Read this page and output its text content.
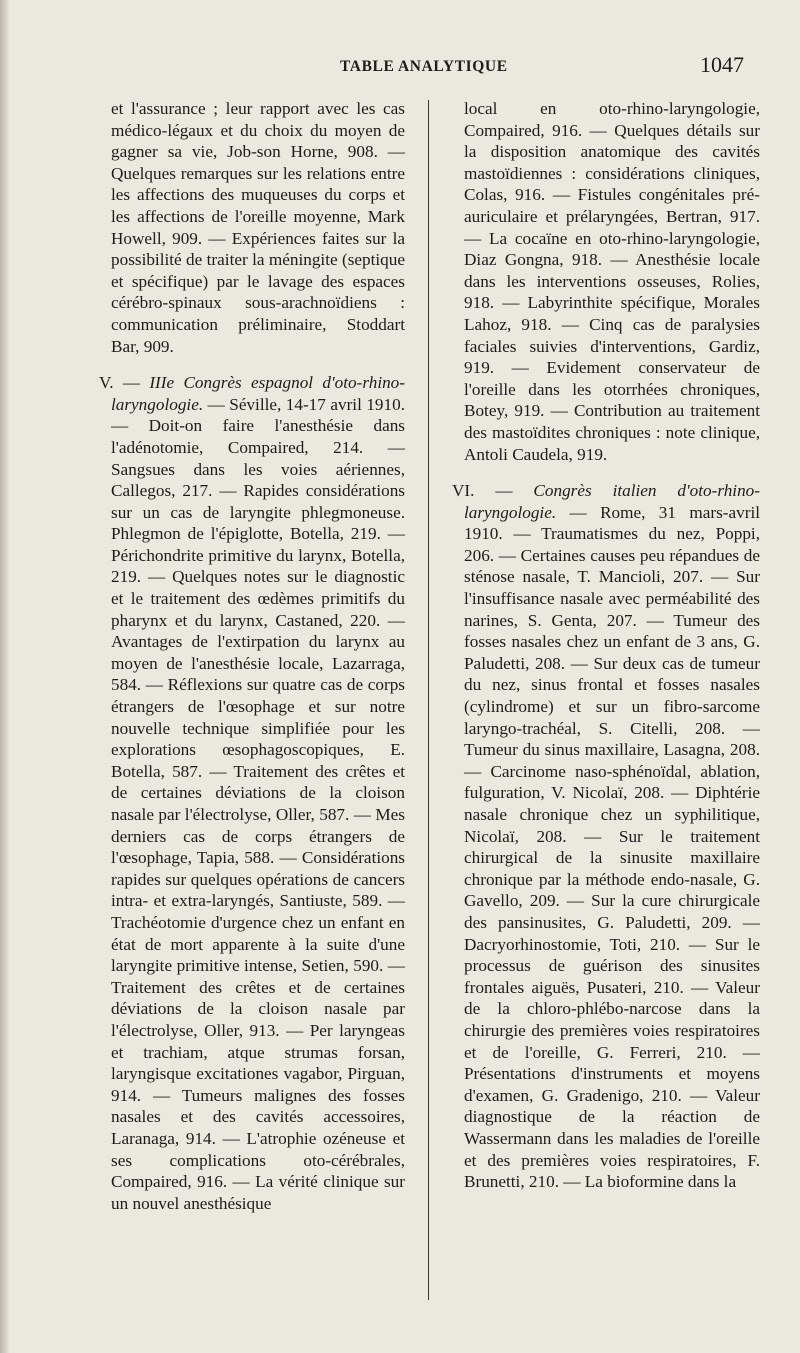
TABLE ANALYTIQUE	1047

et l'assurance ; leur rapport avec les cas médico-légaux et du choix du moyen de gagner sa vie, Job-son Horne, 908. — Quelques remarques sur les relations entre les affections des muqueuses du corps et les affections de l'oreille moyenne, Mark Howell, 909. — Expériences faites sur la possibilité de traiter la méningite (septique et spécifique) par le lavage des espaces cérébro-spinaux sous-arachnoïdiens : communication préliminaire, Stoddart Bar, 909.

V. — IIIe Congrès espagnol d'oto-rhino-laryngologie. — Séville, 14-17 avril 1910. — Doit-on faire l'anesthésie dans l'adénotomie, Compaired, 214. — Sangsues dans les voies aériennes, Callegos, 217. — Rapides considérations sur un cas de laryngite phlegmoneuse. Phlegmon de l'épiglotte, Botella, 219. — Périchondrite primitive du larynx, Botella, 219. — Quelques notes sur le diagnostic et le traitement des œdèmes primitifs du pharynx et du larynx, Castaned, 220. — Avantages de l'extirpation du larynx au moyen de l'anesthésie locale, Lazarraga, 584. — Réflexions sur quatre cas de corps étrangers de l'œsophage et sur notre nouvelle technique simplifiée pour les explorations œsophagoscopiques, E. Botella, 587. — Traitement des crêtes et de certaines déviations de la cloison nasale par l'électrolyse, Oller, 587. — Mes derniers cas de corps étrangers de l'œsophage, Tapia, 588. — Considérations rapides sur quelques opérations de cancers intra- et extra-laryngés, Santiuste, 589. — Trachéotomie d'urgence chez un enfant en état de mort apparente à la suite d'une laryngite primitive intense, Setien, 590. — Traitement des crêtes et de certaines déviations de la cloison nasale par l'électrolyse, Oller, 913. — Per laryngeas et trachiam, atque strumas forsan, laryngisque excitationes vagabor, Pirguan, 914. — Tumeurs malignes des fosses nasales et des cavités accessoires, Laranaga, 914. — L'atrophie ozéneuse et ses complications oto-cérébrales, Compaired, 916. — La vérité clinique sur un nouvel anesthésique

local en oto-rhino-laryngologie, Compaired, 916. — Quelques détails sur la disposition anatomique des cavités mastoïdiennes : considérations cliniques, Colas, 916. — Fistules congénitales pré-auriculaire et prélaryngées, Bertran, 917. — La cocaïne en oto-rhino-laryngologie, Diaz Gongna, 918. — Anesthésie locale dans les interventions osseuses, Rolies, 918. — Labyrinthite spécifique, Morales Lahoz, 918. — Cinq cas de paralysies faciales suivies d'interventions, Gardiz, 919. — Evidement conservateur de l'oreille dans les otorrhées chroniques, Botey, 919. — Contribution au traitement des mastoïdites chroniques : note clinique, Antoli Caudela, 919.

VI. — Congrès italien d'oto-rhino-laryngologie. — Rome, 31 mars-avril 1910. — Traumatismes du nez, Poppi, 206. — Certaines causes peu répandues de sténose nasale, T. Mancioli, 207. — Sur l'insuffisance nasale avec perméabilité des narines, S. Genta, 207. — Tumeur des fosses nasales chez un enfant de 3 ans, G. Paludetti, 208. — Sur deux cas de tumeur du nez, sinus frontal et fosses nasales (cylindrome) et sur un fibro-sarcome laryngo-trachéal, S. Citelli, 208. — Tumeur du sinus maxillaire, Lasagna, 208. — Carcinome naso-sphénoïdal, ablation, fulguration, V. Nicolaï, 208. — Diphtérie nasale chronique chez un syphilitique, Nicolaï, 208. — Sur le traitement chirurgical de la sinusite maxillaire chronique par la méthode endo-nasale, G. Gavello, 209. — Sur la cure chirurgicale des pansinusites, G. Paludetti, 209. — Dacryorhinostomie, Toti, 210. — Sur le processus de guérison des sinusites frontales aiguës, Pusateri, 210. — Valeur de la chloro-phlébo-narcose dans la chirurgie des premières voies respiratoires et de l'oreille, G. Ferreri, 210. — Présentations d'instruments et moyens d'examen, G. Gradenigo, 210. — Valeur diagnostique de la réaction de Wassermann dans les maladies de l'oreille et des premières voies respiratoires, F. Brunetti, 210. — La bioformine dans la
